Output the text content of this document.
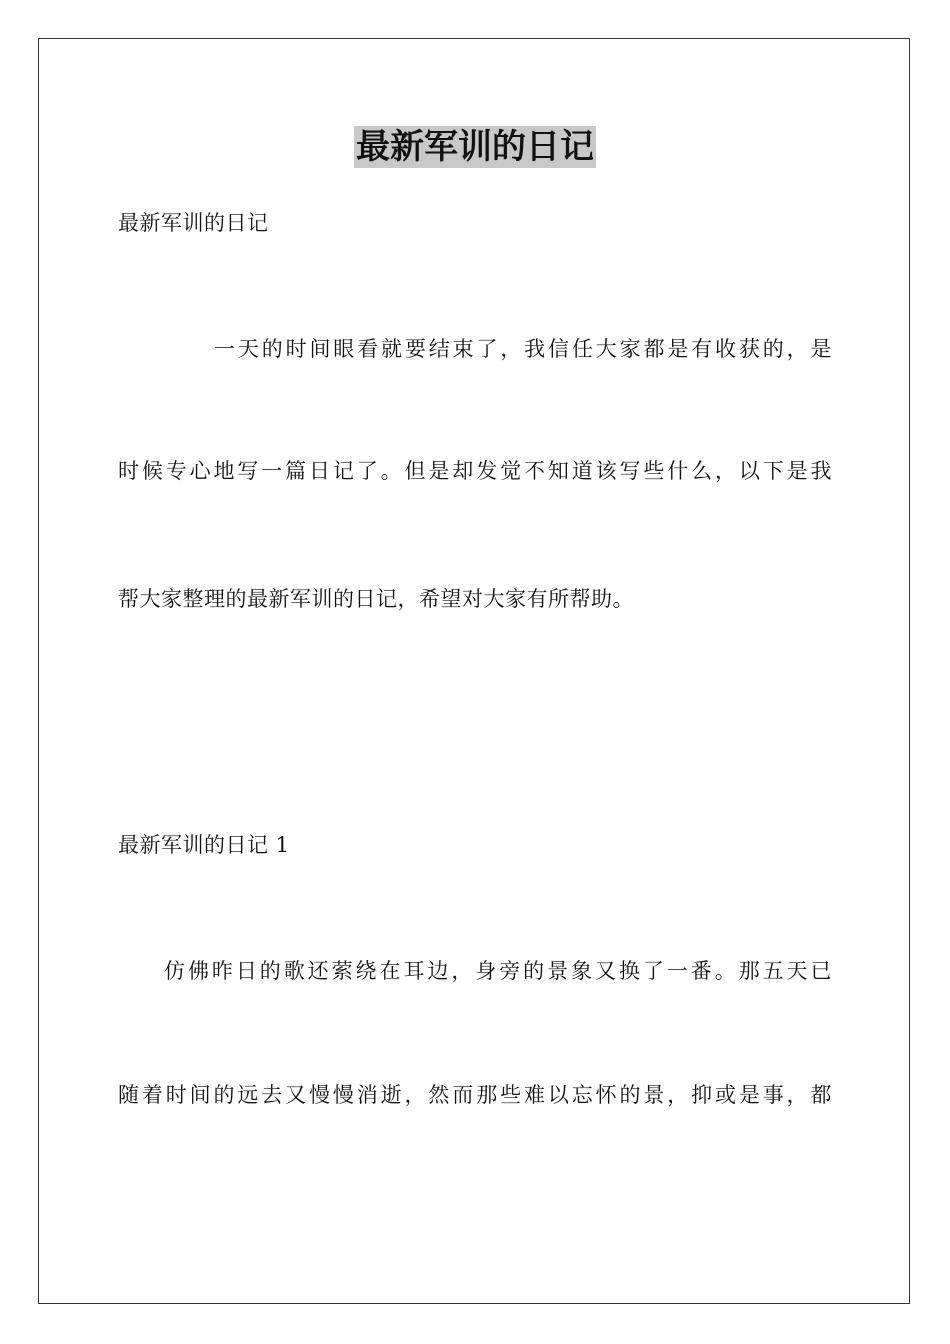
最新军训的日记
最新军训的日记
一天的时间眼看就要结束了，我信任大家都是有收获的，是
时候专心地写一篇日记了。但是却发觉不知道该写些什么，以下是我
帮大家整理的最新军训的日记，希望对大家有所帮助。
最新军训的日记 1
仿佛昨日的歌还萦绕在耳边，身旁的景象又换了一番。那五天已
随着时间的远去又慢慢消逝，然而那些难以忘怀的景，抑或是事，都
